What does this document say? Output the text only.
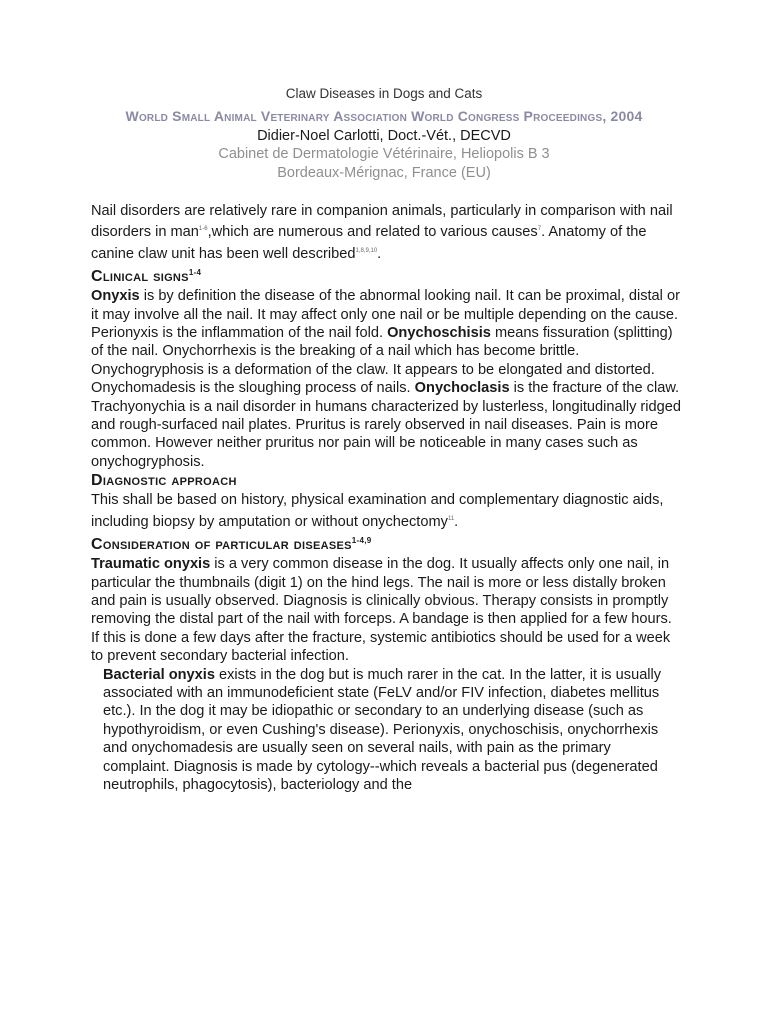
Claw Diseases in Dogs and Cats
World Small Animal Veterinary Association World Congress Proceedings, 2004
Didier-Noel Carlotti, Doct.-Vét., DECVD
Cabinet de Dermatologie Vétérinaire, Heliopolis B 3
Bordeaux-Mérignac, France (EU)

Nail disorders are relatively rare in companion animals, particularly in comparison with nail disorders in man$^{1-6}$,which are numerous and related to various causes$^7$. Anatomy of the canine claw unit has been well described$^{1,8,9,10}$.

Clinical signs$^{1-4}$

Onyxis is by definition the disease of the abnormal looking nail. It can be proximal, distal or it may involve all the nail. It may affect only one nail or be multiple depending on the cause. Perionyxis is the inflammation of the nail fold. Onychoschisis means fissuration (splitting) of the nail. Onychorrhexis is the breaking of a nail which has become brittle. Onychogryphosis is a deformation of the claw. It appears to be elongated and distorted. Onychomadesis is the sloughing process of nails. Onychoclasis is the fracture of the claw. Trachyonychia is a nail disorder in humans characterized by lusterless, longitudinally ridged and rough-surfaced nail plates. Pruritus is rarely observed in nail diseases. Pain is more common. However neither pruritus nor pain will be noticeable in many cases such as onychogryphosis.

Diagnostic approach

This shall be based on history, physical examination and complementary diagnostic aids, including biopsy by amputation or without onychectomy$^{11}$.

Consideration of particular diseases$^{1-4,9}$

Traumatic onyxis is a very common disease in the dog. It usually affects only one nail, in particular the thumbnails (digit 1) on the hind legs. The nail is more or less distally broken and pain is usually observed. Diagnosis is clinically obvious. Therapy consists in promptly removing the distal part of the nail with forceps. A bandage is then applied for a few hours. If this is done a few days after the fracture, systemic antibiotics should be used for a week to prevent secondary bacterial infection.

Bacterial onyxis exists in the dog but is much rarer in the cat. In the latter, it is usually associated with an immunodeficient state (FeLV and/or FIV infection, diabetes mellitus etc.). In the dog it may be idiopathic or secondary to an underlying disease (such as hypothyroidism, or even Cushing's disease). Perionyxis, onychoschisis, onychorrhexis and onychomadesis are usually seen on several nails, with pain as the primary complaint. Diagnosis is made by cytology--which reveals a bacterial pus (degenerated neutrophils, phagocytosis), bacteriology and the
